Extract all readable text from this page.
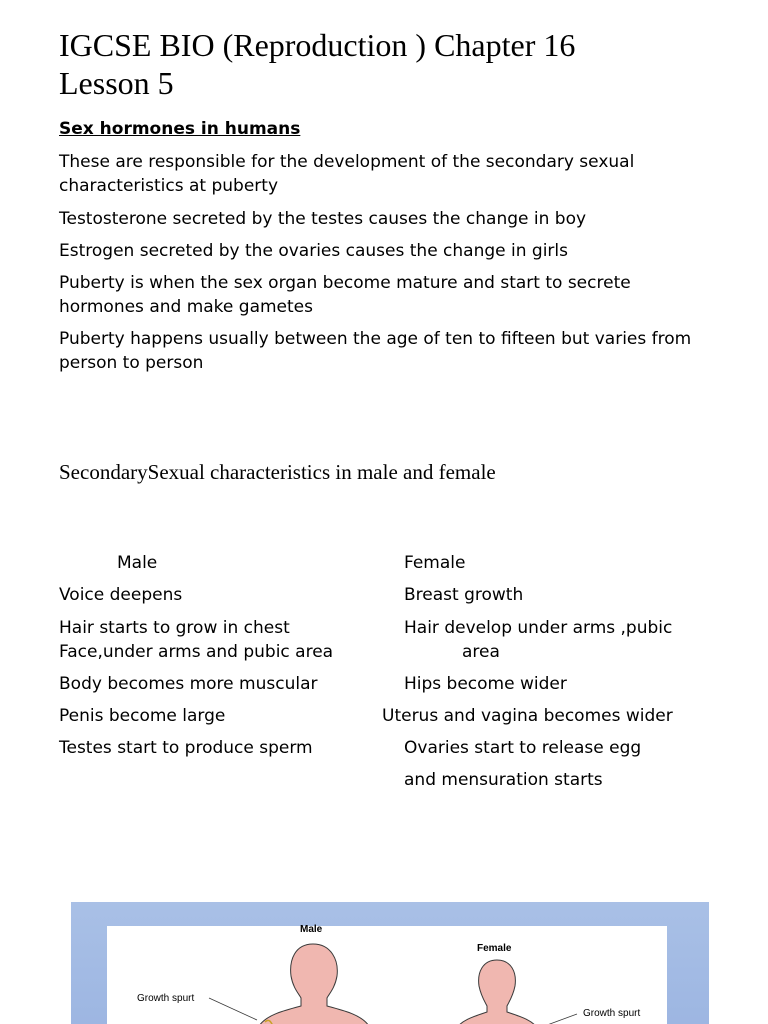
IGCSE BIO (Reproduction ) Chapter 16
Lesson 5
Sex hormones in humans

These are responsible for the development of the secondary sexual characteristics at puberty

Testosterone secreted by the testes causes the change in boy

Estrogen secreted by the ovaries causes the change in girls

Puberty is when the sex organ become mature and start to secrete hormones and make gametes

Puberty happens usually between the age of ten to fifteen but varies from person to person

SecondarySexual characteristics in male and female

Male

Voice deepens

Hair starts to grow in chest

Face,under arms and pubic area

Body becomes more muscular

Penis become large

Testes start to produce sperm

Female

Breast growth

Hair develop under arms ,pubic

area

Hips become wider

Uterus and vagina becomes wider

Ovaries start to release egg

and mensuration starts

Male

Female

Growth spurt

Growth spurt
